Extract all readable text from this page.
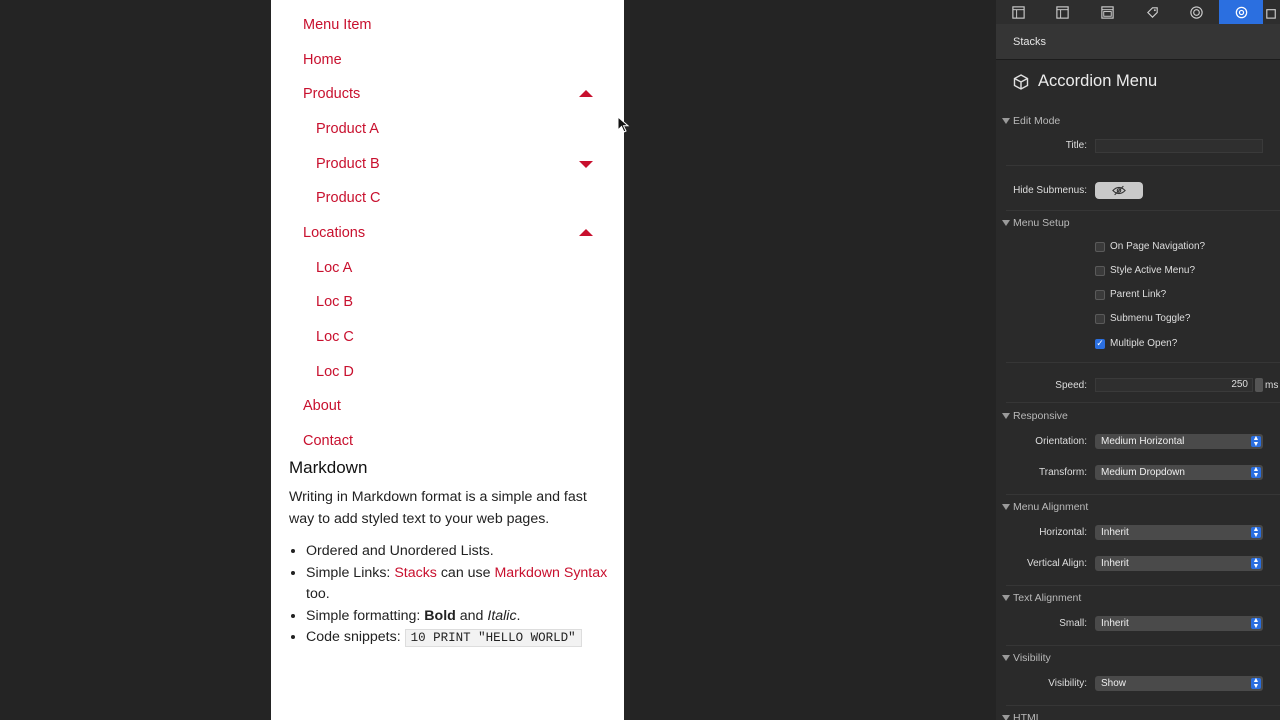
Menu Item
Home
Products
Product A
Product B
Product C
Locations
Loc A
Loc B
Loc C
Loc D
About
Contact
Markdown

Writing in Markdown format is a simple and fast way to add styled text to your web pages.

• Ordered and Unordered Lists.
• Simple Links: Stacks can use Markdown Syntax too.
• Simple formatting: Bold and Italic.
• Code snippets: 10 PRINT "HELLO WORLD"
Stacks
Accordion Menu
Edit Mode
Title:
Hide Submenus:
Menu Setup
On Page Navigation?
Style Active Menu?
Parent Link?
Submenu Toggle?
✓
Multiple Open?
Speed:	250	ms
Responsive
Orientation:	Medium Horizontal	▲
▼
Transform:	Medium Dropdown	▲
▼
Menu Alignment
Horizontal:	Inherit	▲
▼
Vertical Align:	Inherit	▲
▼
Text Alignment
Small:	Inherit	▲
▼
Visibility
Visibility:	Show	▲
▼
HTML
